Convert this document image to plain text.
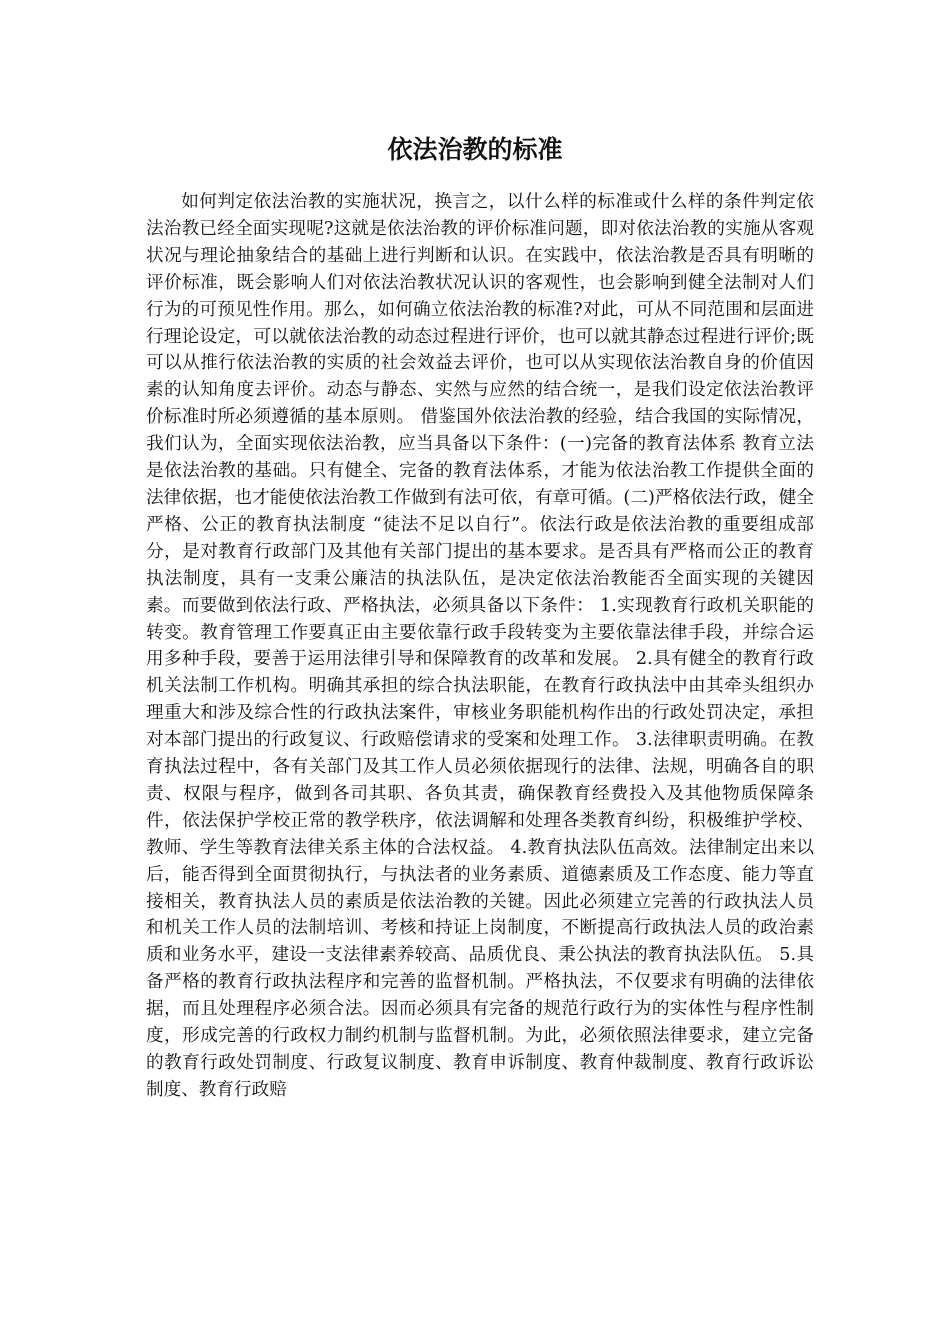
依法治教的标准

如何判定依法治教的实施状况，换言之，以什么样的标准或什么样的条件判定依法治教已经全面实现呢?这就是依法治教的评价标准问题，即对依法治教的实施从客观状况与理论抽象结合的基础上进行判断和认识。在实践中，依法治教是否具有明晰的评价标准，既会影响人们对依法治教状况认识的客观性，也会影响到健全法制对人们行为的可预见性作用。那么，如何确立依法治教的标准?对此，可从不同范围和层面进行理论设定，可以就依法治教的动态过程进行评价，也可以就其静态过程进行评价;既可以从推行依法治教的实质的社会效益去评价，也可以从实现依法治教自身的价值因素的认知角度去评价。动态与静态、实然与应然的结合统一，是我们设定依法治教评价标准时所必须遵循的基本原则。 借鉴国外依法治教的经验，结合我国的实际情况，我们认为，全面实现依法治教，应当具备以下条件：(一)完备的教育法体系 教育立法是依法治教的基础。只有健全、完备的教育法体系，才能为依法治教工作提供全面的法律依据，也才能使依法治教工作做到有法可依，有章可循。(二)严格依法行政，健全严格、公正的教育执法制度 “徒法不足以自行”。依法行政是依法治教的重要组成部分，是对教育行政部门及其他有关部门提出的基本要求。是否具有严格而公正的教育执法制度，具有一支秉公廉洁的执法队伍，是决定依法治教能否全面实现的关键因素。而要做到依法行政、严格执法，必须具备以下条件： 1.实现教育行政机关职能的转变。教育管理工作要真正由主要依靠行政手段转变为主要依靠法律手段，并综合运用多种手段，要善于运用法律引导和保障教育的改革和发展。 2.具有健全的教育行政机关法制工作机构。明确其承担的综合执法职能，在教育行政执法中由其牵头组织办理重大和涉及综合性的行政执法案件，审核业务职能机构作出的行政处罚决定，承担对本部门提出的行政复议、行政赔偿请求的受案和处理工作。 3.法律职责明确。在教育执法过程中，各有关部门及其工作人员必须依据现行的法律、法规，明确各自的职责、权限与程序，做到各司其职、各负其责，确保教育经费投入及其他物质保障条件，依法保护学校正常的教学秩序，依法调解和处理各类教育纠纷，积极维护学校、教师、学生等教育法律关系主体的合法权益。 4.教育执法队伍高效。法律制定出来以后，能否得到全面贯彻执行，与执法者的业务素质、道德素质及工作态度、能力等直接相关，教育执法人员的素质是依法治教的关键。因此必须建立完善的行政执法人员和机关工作人员的法制培训、考核和持证上岗制度，不断提高行政执法人员的政治素质和业务水平，建设一支法律素养较高、品质优良、秉公执法的教育执法队伍。 5.具备严格的教育行政执法程序和完善的监督机制。严格执法，不仅要求有明确的法律依据，而且处理程序必须合法。因而必须具有完备的规范行政行为的实体性与程序性制度，形成完善的行政权力制约机制与监督机制。为此，必须依照法律要求，建立完备的教育行政处罚制度、行政复议制度、教育申诉制度、教育仲裁制度、教育行政诉讼制度、教育行政赔
